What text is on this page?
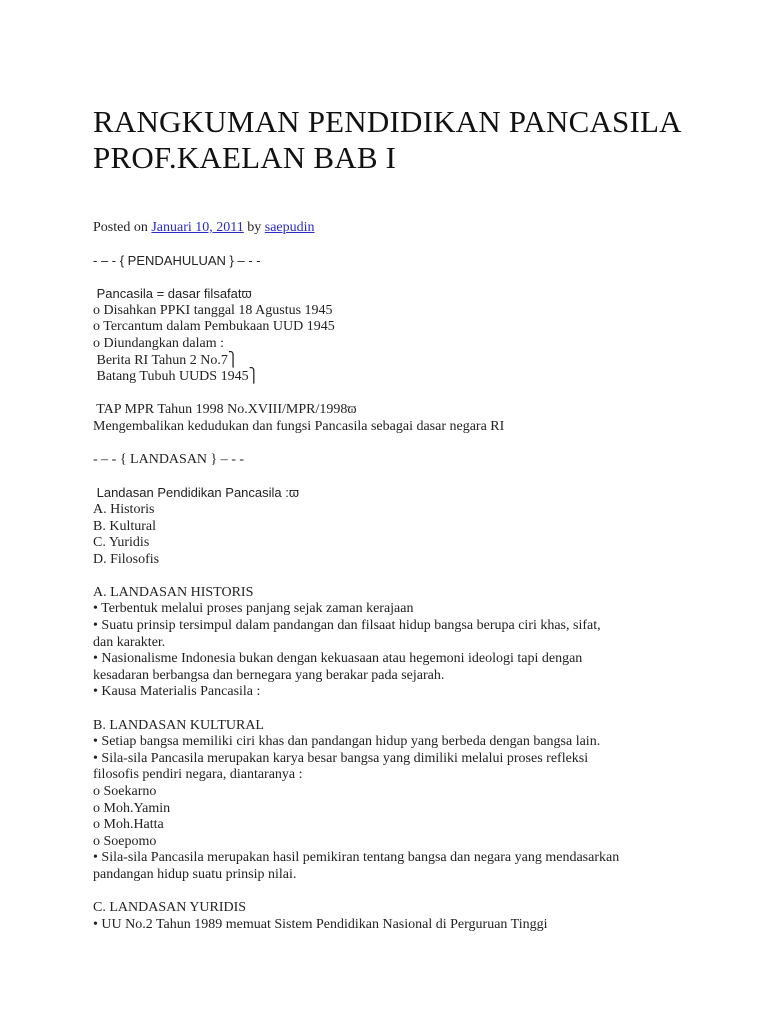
RANGKUMAN PENDIDIKAN PANCASILA PROF.KAELAN BAB I
Posted on Januari 10, 2011 by saepudin
- – - { PENDAHULUAN } – - -
Pancasila = dasar filsafatϖ
o Disahkan PPKI tanggal 18 Agustus 1945
o Tercantum dalam Pembukaan UUD 1945
o Diundangkan dalam :
Berita RI Tahun 2 No.7⎫
Batang Tubuh UUDS 1945⎫
TAP MPR Tahun 1998 No.XVIII/MPR/1998ϖ
Mengembalikan kedudukan dan fungsi Pancasila sebagai dasar negara RI
- – - { LANDASAN } – - -
Landasan Pendidikan Pancasila :ϖ
A. Historis
B. Kultural
C. Yuridis
D. Filosofis
A. LANDASAN HISTORIS
• Terbentuk melalui proses panjang sejak zaman kerajaan
• Suatu prinsip tersimpul dalam pandangan dan filsaat hidup bangsa berupa ciri khas, sifat,
dan karakter.
• Nasionalisme Indonesia bukan dengan kekuasaan atau hegemoni ideologi tapi dengan
kesadaran berbangsa dan bernegara yang berakar pada sejarah.
• Kausa Materialis Pancasila :
B. LANDASAN KULTURAL
• Setiap bangsa memiliki ciri khas dan pandangan hidup yang berbeda dengan bangsa lain.
• Sila-sila Pancasila merupakan karya besar bangsa yang dimiliki melalui proses refleksi
filosofis pendiri negara, diantaranya :
o Soekarno
o Moh.Yamin
o Moh.Hatta
o Soepomo
• Sila-sila Pancasila merupakan hasil pemikiran tentang bangsa dan negara yang mendasarkan
pandangan hidup suatu prinsip nilai.
C. LANDASAN YURIDIS
• UU No.2 Tahun 1989 memuat Sistem Pendidikan Nasional di Perguruan Tinggi
